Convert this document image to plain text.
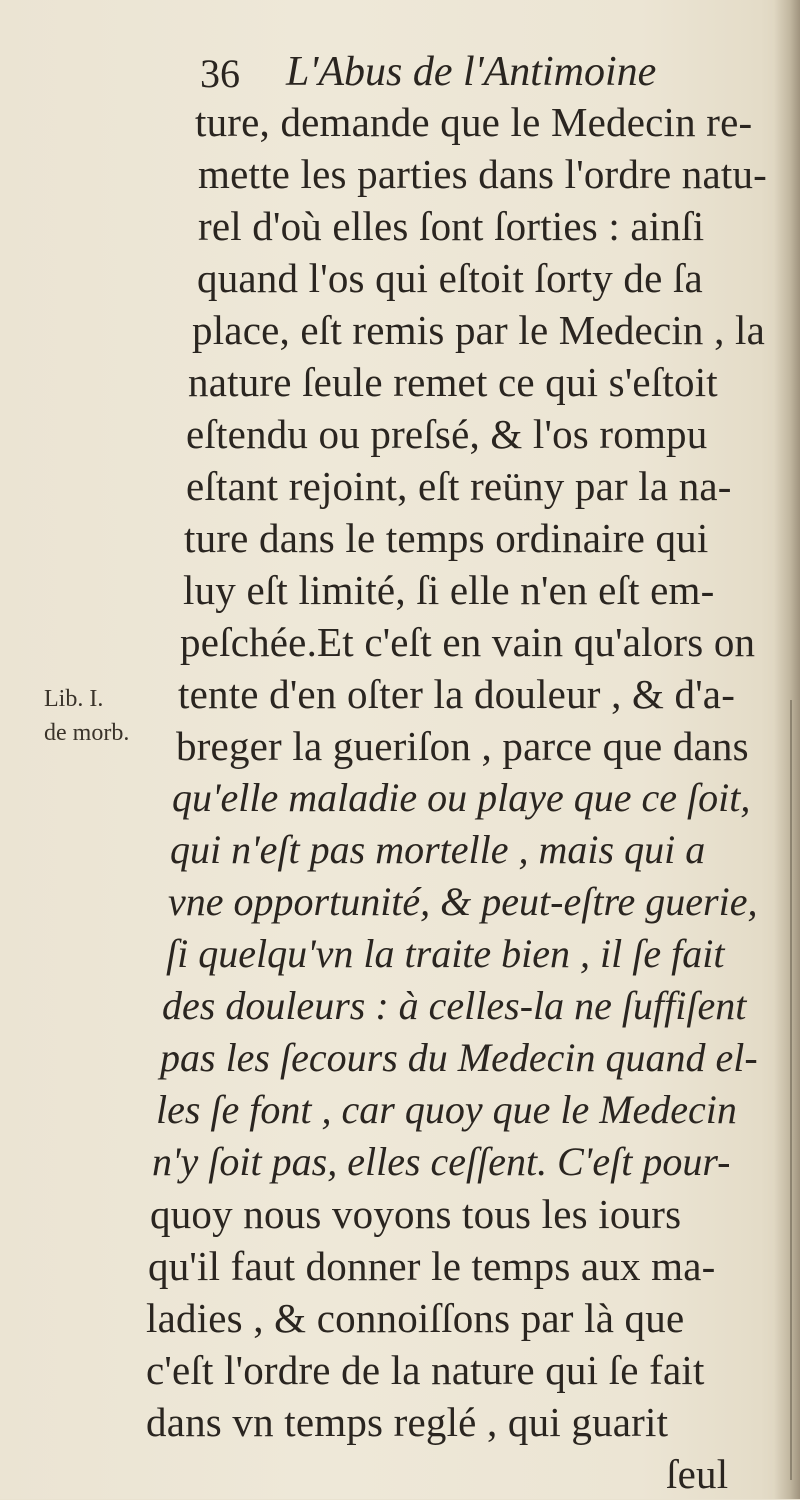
36 L'Abus de l'Antimoine
Lib. I.
de morb.
ture, demande que le Medecin re-
mette les parties dans l'ordre natu-
rel d'où elles ſont ſorties : ainſi
quand l'os qui eſtoit ſorty de ſa
place, eſt remis par le Medecin , la
nature ſeule remet ce qui s'eſtoit
eſtendu ou preſsé, & l'os rompu
eſtant rejoint, eſt reüny par la na-
ture dans le temps ordinaire qui
luy eſt limité, ſi elle n'en eſt em-
peſchée.Et c'eſt en vain qu'alors on
tente d'en oſter la douleur , & d'a-
breger la gueriſon , parce que dans
qu'elle maladie ou playe que ce ſoit,
qui n'eſt pas mortelle , mais qui a
vne opportunité, & peut-eſtre guerie,
ſi quelqu'vn la traite bien , il ſe fait
des douleurs : à celles-la ne ſuffiſent
pas les ſecours du Medecin quand el-
les ſe font , car quoy que le Medecin
n'y ſoit pas, elles ceſſent. C'eſt pour-
quoy nous voyons tous les iours
qu'il faut donner le temps aux ma-
ladies , & connoiſſons par là que
c'eſt l'ordre de la nature qui ſe fait
dans vn temps reglé , qui guarit
ſeul
